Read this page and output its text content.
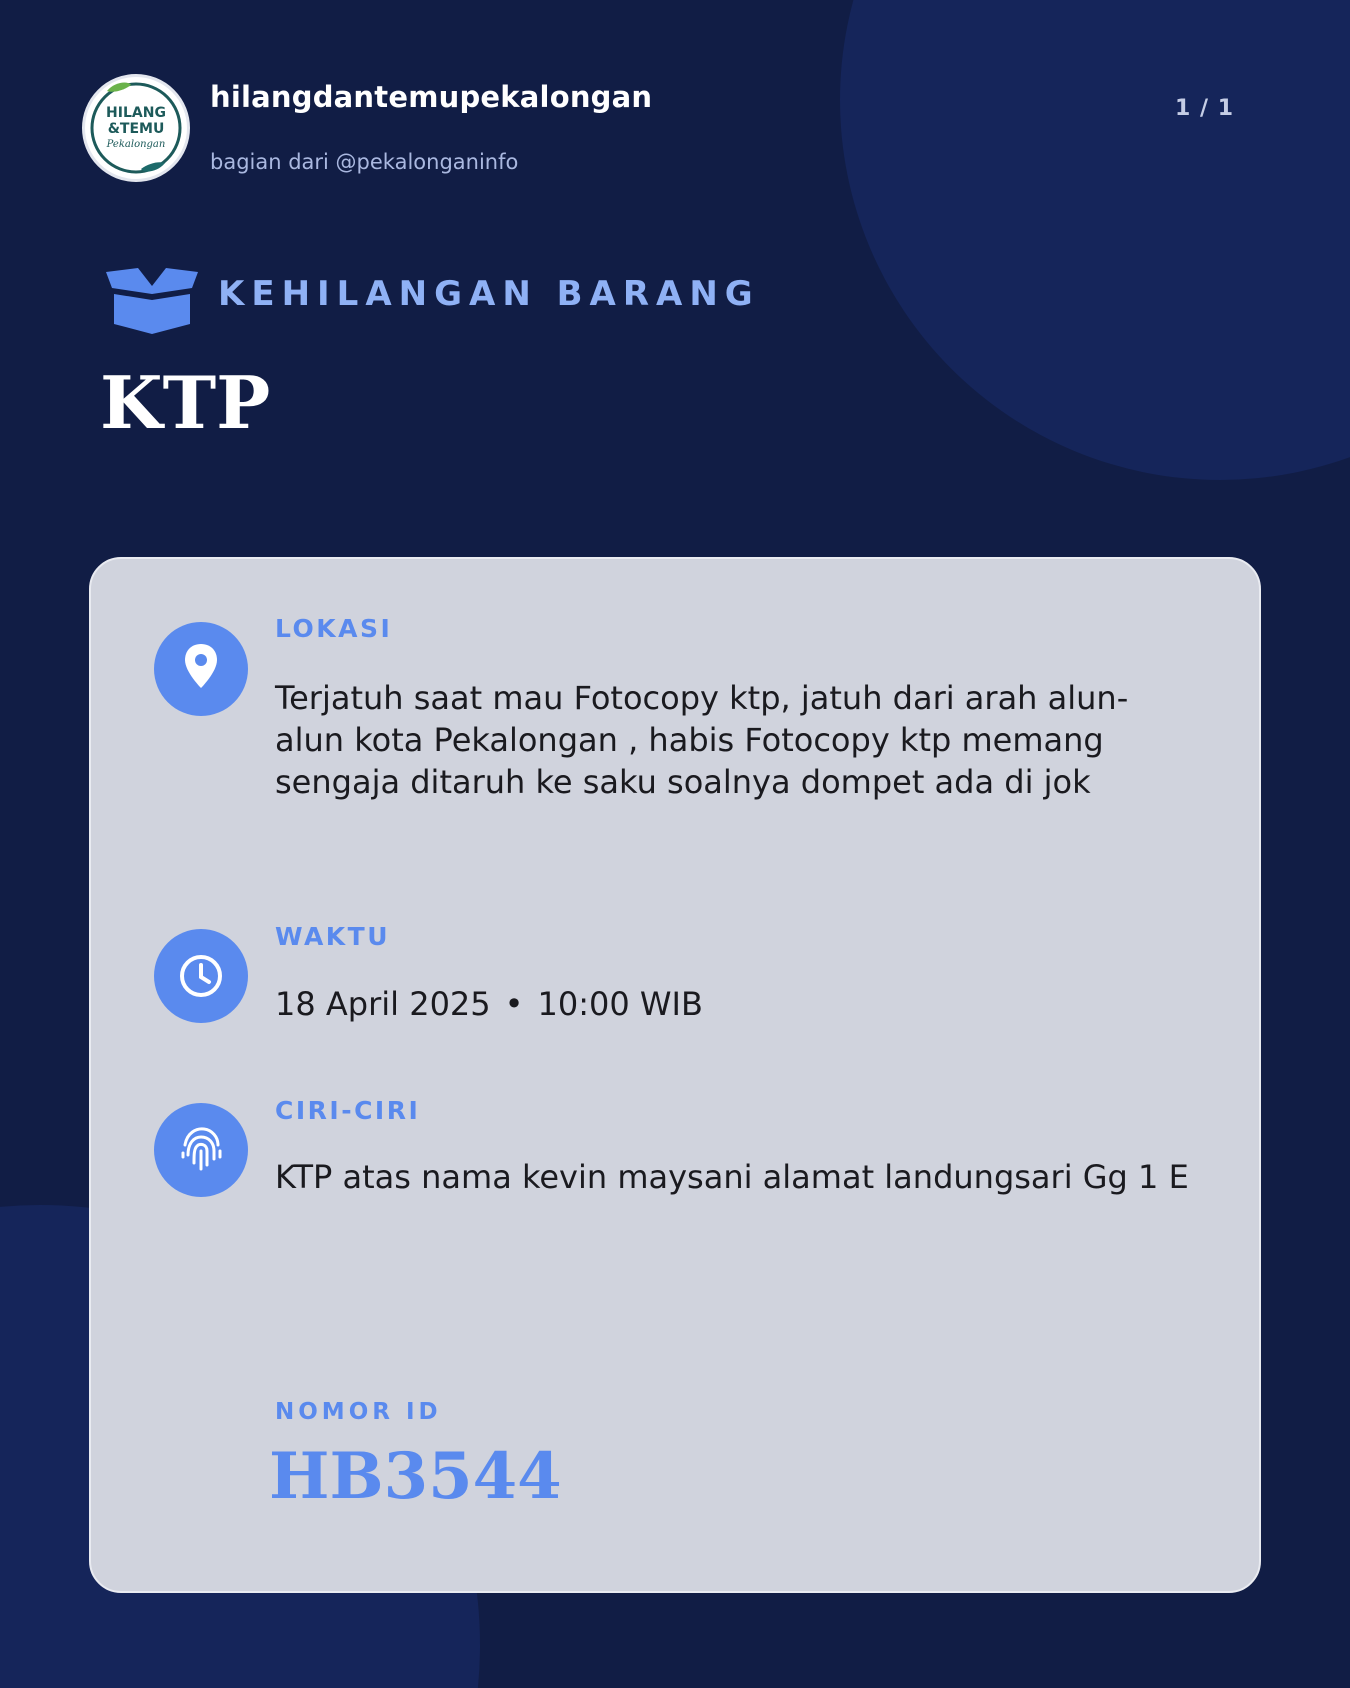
HILANG
&TEMU
Pekalongan
hilangdantemupekalongan
bagian dari @pekalonganinfo
1 / 1
KEHILANGAN BARANG
KTP
LOKASI
Terjatuh saat mau Fotocopy ktp, jatuh dari arah alun-alun kota Pekalongan , habis Fotocopy ktp memang sengaja ditaruh ke saku soalnya dompet ada di jok
WAKTU
18 April 2025 • 10:00 WIB
CIRI-CIRI
KTP atas nama kevin maysani alamat landungsari Gg 1 E
NOMOR ID
HB3544
